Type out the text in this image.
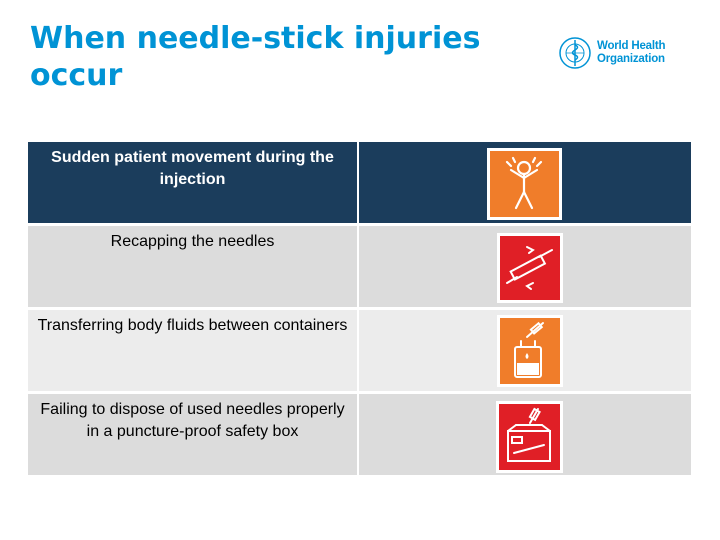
When needle-stick injuries occur
World Health
Organization
Sudden patient movement during the injection
Recapping the needles
Transferring body fluids between containers
Failing to dispose of used needles properly in a puncture-proof safety box
